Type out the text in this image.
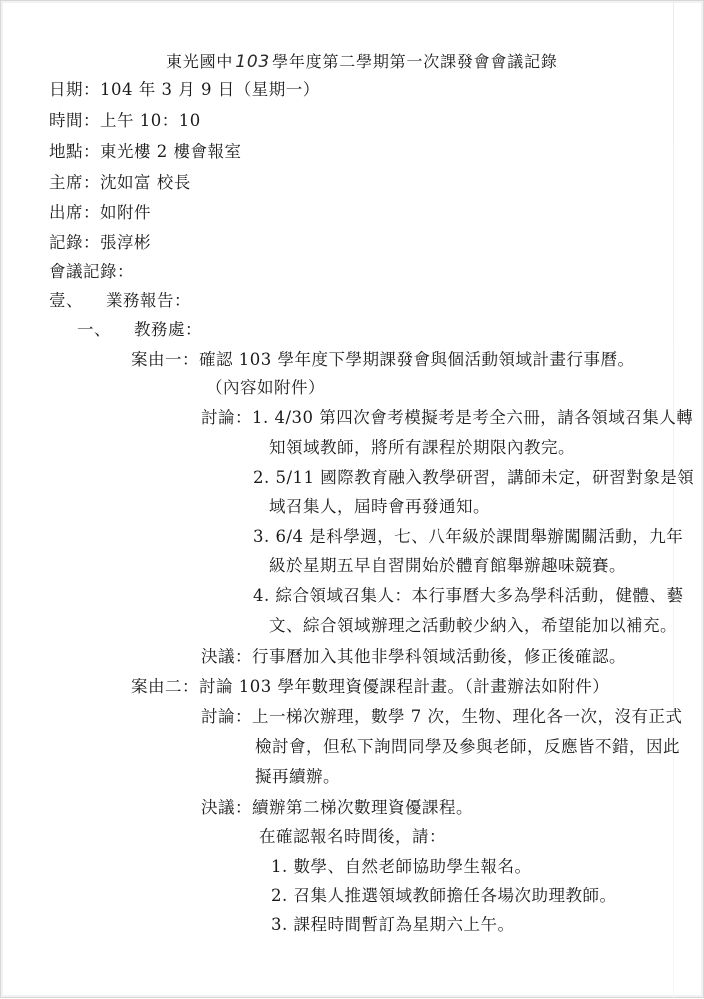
東光國中 103 學年度第二學期第一次課發會會議記錄
日期：104 年 3 月 9 日（星期一）
時間：上午 10：10
地點：東光樓 2 樓會報室
主席：沈如富 校長
出席：如附件
記錄：張淳彬
會議記錄：
壹、    業務報告：
一、    教務處：
案由一：確認 103 學年度下學期課發會與個活動領域計畫行事曆。
（內容如附件）
討論：1. 4/30 第四次會考模擬考是考全六冊，請各領域召集人轉
知領域教師，將所有課程於期限內教完。
2. 5/11 國際教育融入教學研習，講師未定，研習對象是領
域召集人，屆時會再發通知。
3. 6/4 是科學週，七、八年級於課間舉辦闖關活動，九年
級於星期五早自習開始於體育館舉辦趣味競賽。
4. 綜合領域召集人：本行事曆大多為學科活動，健體、藝
文、綜合領域辦理之活動較少納入，希望能加以補充。
決議：行事曆加入其他非學科領域活動後，修正後確認。
案由二：討論 103 學年數理資優課程計畫。（計畫辦法如附件）
討論：上一梯次辦理，數學 7 次，生物、理化各一次，沒有正式
檢討會，但私下詢問同學及參與老師，反應皆不錯，因此
擬再續辦。
決議：續辦第二梯次數理資優課程。
在確認報名時間後，請：
1. 數學、自然老師協助學生報名。
2. 召集人推選領域教師擔任各場次助理教師。
3. 課程時間暫訂為星期六上午。
